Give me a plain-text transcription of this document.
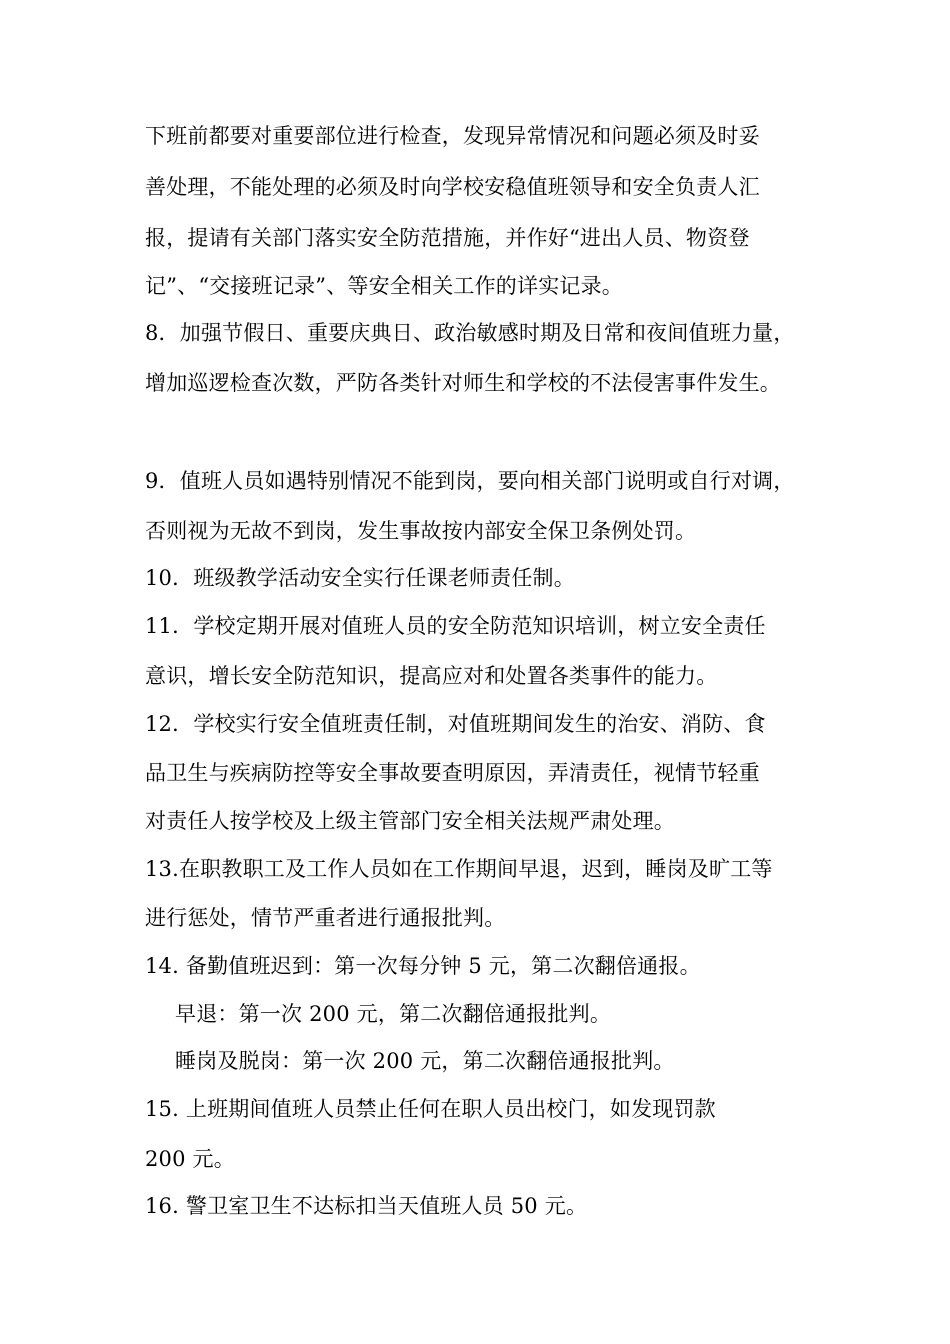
下班前都要对重要部位进行检查，发现异常情况和问题必须及时妥
善处理，不能处理的必须及时向学校安稳值班领导和安全负责人汇
报，提请有关部门落实安全防范措施，并作好“进出人员、物资登
记”、“交接班记录”、等安全相关工作的详实记录。
8．加强节假日、重要庆典日、政治敏感时期及日常和夜间值班力量，
增加巡逻检查次数，严防各类针对师生和学校的不法侵害事件发生。
9．值班人员如遇特别情况不能到岗，要向相关部门说明或自行对调，
否则视为无故不到岗，发生事故按内部安全保卫条例处罚。
10．班级教学活动安全实行任课老师责任制。
11．学校定期开展对值班人员的安全防范知识培训，树立安全责任
意识，增长安全防范知识，提高应对和处置各类事件的能力。
12．学校实行安全值班责任制，对值班期间发生的治安、消防、食
品卫生与疾病防控等安全事故要查明原因，弄清责任，视情节轻重
对责任人按学校及上级主管部门安全相关法规严肃处理。
13.在职教职工及工作人员如在工作期间早退，迟到，睡岗及旷工等
进行惩处，情节严重者进行通报批判。
14. 备勤值班迟到：第一次每分钟 5 元，第二次翻倍通报。
早退：第一次 200 元，第二次翻倍通报批判。
睡岗及脱岗：第一次 200 元，第二次翻倍通报批判。
15. 上班期间值班人员禁止任何在职人员出校门，如发现罚款
200 元。
16. 警卫室卫生不达标扣当天值班人员 50 元。
